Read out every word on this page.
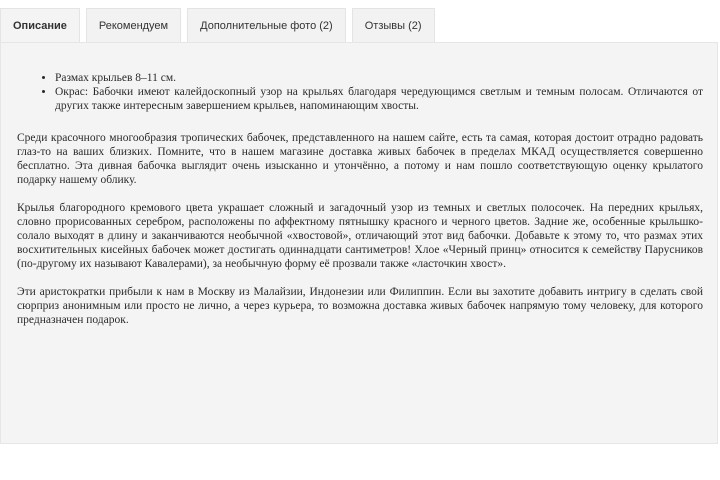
Описание	Рекомендуем	Дополнительные фото (2)	Отзывы (2)
• Размах крыльев 8–11 см.
• Окрас: Бабочки имеют калейдоскопный узор на крыльях благодаря чередующимся светлым и темным полосам. Отличаются от других также интересным завершением крыльев, напоминающим хвосты.

Среди красочного многообразия тропических бабочек, представленного на нашем сайте, есть та самая, которая достоит отрадно радовать глаз-то на ваших близких. Помните, что в нашем магазине доставка живых бабочек в пределах МКАД осуществляется совершенно бесплатно. Эта дивная бабочка выглядит очень изысканно и утончённо, а потому и нам пошло соответствующую оценку крылатого подарку нашему облику.

Крылья благородного кремового цвета украшает сложный и загадочный узор из темных и светлых полосочек. На передних крыльях, словно прорисованных серебром, расположены по аффектному пятнышку красного и черного цветов. Задние же, особенные крыльшко-солало выходят в длину и заканчиваются необычной «хвостовой», отличающий этот вид бабочки. Добавьте к этому то, что размах этих восхитительных кисейных бабочек может достигать одиннадцати сантиметров! Хлое «Черный принц» относится к семейству Парусников (по-другому их называют Кавалерами), за необычную форму её прозвали также «ласточкин хвост».

Эти аристократки прибыли к нам в Москву из Малайзии, Индонезии или Филиппин. Если вы захотите добавить интригу в сделать свой сюрприз анонимным или просто не лично, а через курьера, то возможна доставка живых бабочек напрямую тому человеку, для которого предназначен подарок.
